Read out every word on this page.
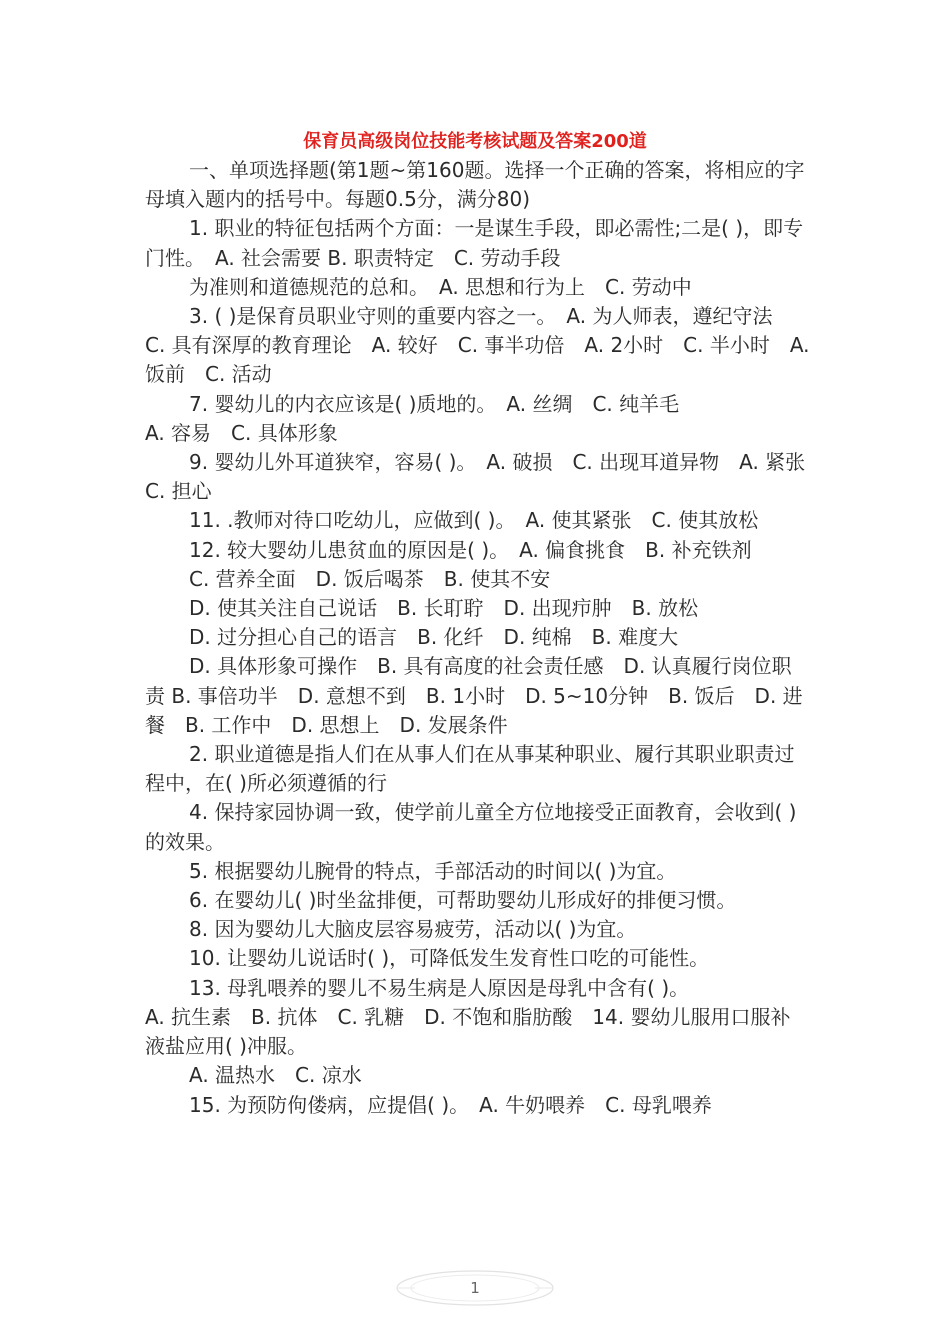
保育员高级岗位技能考核试题及答案200道

一、单项选择题(第1题~第160题。选择一个正确的答案，将相应的字母填入题内的括号中。每题0.5分，满分80)

1. 职业的特征包括两个方面：一是谋生手段，即必需性;二是( )，即专门性。　A. 社会需要 B. 职责特定　C. 劳动手段

为准则和道德规范的总和。　A. 思想和行为上　C. 劳动中

3. ( )是保育员职业守则的重要内容之一。　A. 为人师表，遵纪守法　C. 具有深厚的教育理论　A. 较好　C. 事半功倍　A. 2小时　C. 半小时　A. 饭前　C. 活动

7. 婴幼儿的内衣应该是( )质地的。　A. 丝绸　C. 纯羊毛

A. 容易　C. 具体形象

9. 婴幼儿外耳道狭窄，容易( )。　A. 破损　C. 出现耳道异物　A. 紧张　C. 担心

11. .教师对待口吃幼儿，应做到( )。　A. 使其紧张　C. 使其放松

12. 较大婴幼儿患贫血的原因是( )。　A. 偏食挑食　B. 补充铁剂

C. 营养全面　D. 饭后喝茶　B. 使其不安

D. 使其关注自己说话　B. 长耵聍　D. 出现疖肿　B. 放松

D. 过分担心自己的语言　B. 化纤　D. 纯棉　B. 难度大

D. 具体形象可操作　B. 具有高度的社会责任感　D. 认真履行岗位职责 B. 事倍功半　D. 意想不到　B. 1小时　D. 5~10分钟　B. 饭后　D. 进餐　B. 工作中　D. 思想上　D. 发展条件

2. 职业道德是指人们在从事人们在从事某种职业、履行其职业职责过程中，在( )所必须遵循的行

4. 保持家园协调一致，使学前儿童全方位地接受正面教育，会收到( )的效果。

5. 根据婴幼儿腕骨的特点，手部活动的时间以( )为宜。

6. 在婴幼儿( )时坐盆排便，可帮助婴幼儿形成好的排便习惯。

8. 因为婴幼儿大脑皮层容易疲劳，活动以( )为宜。

10. 让婴幼儿说话时( )，可降低发生发育性口吃的可能性。

13. 母乳喂养的婴儿不易生病是人原因是母乳中含有( )。

A. 抗生素　B. 抗体　C. 乳糖　D. 不饱和脂肪酸　14. 婴幼儿服用口服补液盐应用( )冲服。

A. 温热水　C. 凉水

15. 为预防佝偻病，应提倡( )。　A. 牛奶喂养　C. 母乳喂养

1
